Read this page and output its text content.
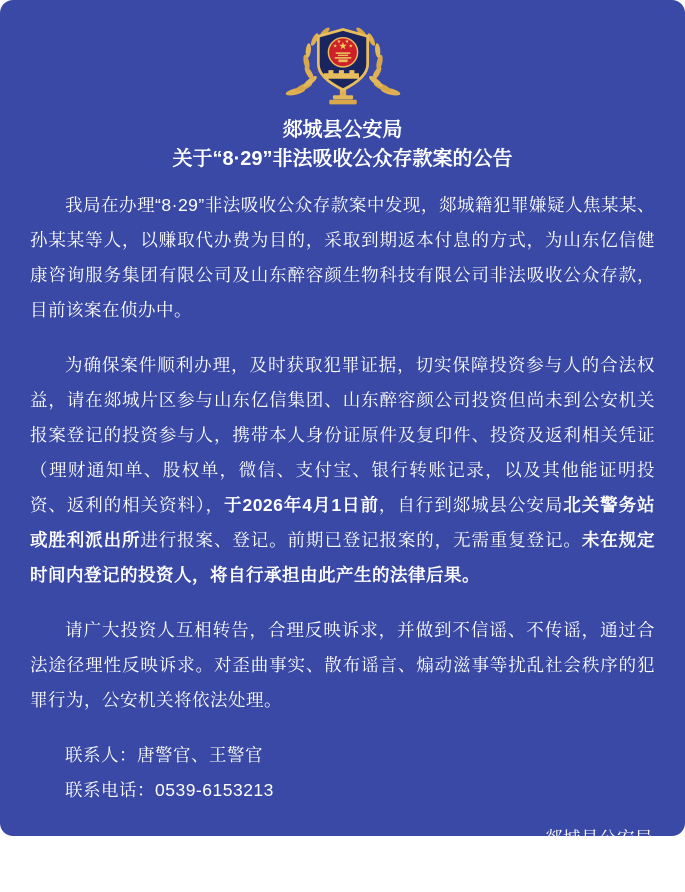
★
★
★ ★
★
郯城县公安局
关于“8·29”非法吸收公众存款案的公告

我局在办理“8·29”非法吸收公众存款案中发现，郯城籍犯罪嫌疑人焦某某、孙某某等人，以赚取代办费为目的，采取到期返本付息的方式，为山东亿信健康咨询服务集团有限公司及山东醉容颜生物科技有限公司非法吸收公众存款，目前该案在侦办中。

为确保案件顺利办理，及时获取犯罪证据，切实保障投资参与人的合法权益，请在郯城片区参与山东亿信集团、山东醉容颜公司投资但尚未到公安机关报案登记的投资参与人，携带本人身份证原件及复印件、投资及返利相关凭证（理财通知单、股权单，微信、支付宝、银行转账记录，以及其他能证明投资、返利的相关资料），于2026年4月1日前，自行到郯城县公安局北关警务站或胜利派出所进行报案、登记。前期已登记报案的，无需重复登记。未在规定时间内登记的投资人，将自行承担由此产生的法律后果。

请广大投资人互相转告，合理反映诉求，并做到不信谣、不传谣，通过合法途径理性反映诉求。对歪曲事实、散布谣言、煽动滋事等扰乱社会秩序的犯罪行为，公安机关将依法处理。

联系人：唐警官、王警官

联系电话：0539-6153213

郯城县公安局

2026年3月15日
